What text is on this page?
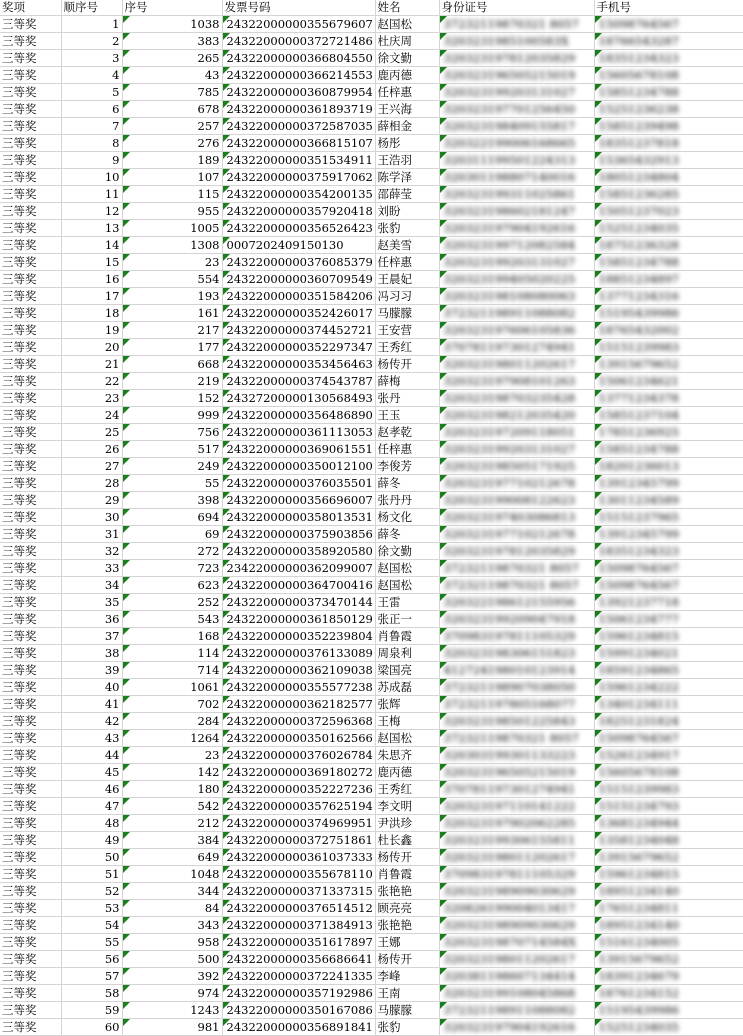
奖项	顺序号	序号	发票号码	姓名	身份证号	手机号
三等奖	1	1038	24322000000355679607	赵国松	37232119870321 8057	15098764567
三等奖	2	383	24322000000372721486	杜庆周	3203231985100583X	18766543287
三等奖	3	265	24322000000366804550	徐文勤	320323197812035829	18351234323
三等奖	4	43	24322000000366214553	鹿丙德	320323196505215019	15605678108
三等奖	5	785	24322000000360879954	任梓惠	320323199203131027	15851234788
三等奖	6	678	24322000000361893719	王兴海	320323197701256450	15251236238
三等奖	7	257	24322000000372587035	薛相金	320323198409155817	15851239498
三等奖	8	276	24322000000366815107	杨彤	320322199006168665	18351237818
三等奖	9	189	24322000000351534911	王浩羽	320311199501224313	15365432913
三等奖	10	107	24322000000375917062	陈学泽	320301198807140016	18051234804
三等奖	11	115	24322000000354200135	邵薛莹	320323199311025861	15851236285
三等奖	12	955	24322000000357920418	刘盼	320323198602181247	15051237023
三等奖	13	1005	24322000000356526423	张豹	320323197904192616	15251234035
三等奖	14	1308	0007202409150130	赵美雪	320323199712082584	18751236328
三等奖	15	23	24322000000376085379	任梓惠	320323199203131027	15851234788
三等奖	16	554	24322000000360709549	王晨妃	320323199405020225	18851234897
三等奖	17	193	24322000000351584206	冯习习	320323198108080063	13771234316
三等奖	18	161	24322000000352426017	马朦朦	372321198911088082	15195439986
三等奖	19	217	24322000000374452721	王安营	320323197606105836	18765432002
三等奖	20	177	24322000000352297347	王秀红	370781197301274941	15151239983
三等奖	21	668	24322000000353456463	杨传开	320323198011202617	13915679652
三等奖	22	219	24322000000374543787	薛梅	320323197908101263	15061234621
三等奖	23	152	24327200000130568493	张丹	320323198703235428	13771234378
三等奖	24	999	24322000000356486890	王玉	320323198212035420	15851237104
三等奖	25	756	24322000000361113053	赵孝乾	320323197209118051	17851236925
三等奖	26	517	24322000000369061551	任梓惠	320323199203131027	15851234788
三等奖	27	249	24322000000350012100	李俊芳	320323198505171925	18201236013
三等奖	28	55	24322000000376035501	薛冬	320323197710212678	13912345799
三等奖	29	398	24322000000356696007	张丹丹	320323199008122623	13011234589
三等奖	30	694	24322000000358013531	杨文化	320323197403086813	15151237965
三等奖	31	69	24322000000375903856	薛冬	320323197710212678	13912345799
三等奖	32	272	24322000000358920580	徐文勤	320323197812035829	18351234323
三等奖	33	723	23422000000362099007	赵国松	37232119870321 8057	15098764567
三等奖	34	623	24322000000364700416	赵国松	37232119870321 8057	15098764567
三等奖	35	252	24322000000373470144	王雷	320322198612155956	13921237718
三等奖	36	543	24322000000361850129	张正一	320323199209047918	15061234777
三等奖	37	168	24322000000352239804	肖鲁霞	370983197811105329	15961234815
三等奖	38	114	24322000000376133089	周泉利	320323198306151823	15991234021
三等奖	39	714	24322000000362109038	梁国亮	412724198010123914	18591234865
三等奖	40	1061	24322000000355577238	苏成磊	372321198907038050	15961234222
三等奖	41	702	24322000000362182577	张辉	372321197805168077	13401234111
三等奖	42	284	24322000000372596368	王梅	320323198501225843	18251231824
三等奖	43	1264	24322000000350162566	赵国松	37232119870321 8057	15098764567
三等奖	44	23	24322000000376026784	朱思齐	320303199301133223	15261234917
三等奖	45	142	24322000000369180272	鹿丙德	320323196505215019	15605678108
三等奖	46	180	24322000000352227236	王秀红	370781197301274941	15151239983
三等奖	47	542	24322000000357625194	李文明	320323197110141222	15151234793
三等奖	48	212	24322000000374969951	尹洪珍	320323197902062285	13681234944
三等奖	49	384	24322000000372751861	杜长鑫	320323199306155811	13581234048
三等奖	50	649	24322000000361037333	杨传开	320323198011202617	13915679652
三等奖	51	1048	24322000000355678110	肖鲁霞	370983197811105329	15961234815
三等奖	52	344	24322000000371337315	张艳艳	320323198909030629	18951234140
三等奖	53	84	24322000000376514512	顾亮亮	320826199004013417	17651234811
三等奖	54	343	24322000000371384913	张艳艳	320323198909030629	18951234140
三等奖	55	958	24322000000351617897	王娜	32032319870714584X	15161234005
三等奖	56	500	24322000000356686641	杨传开	320323198011202617	13915679652
三等奖	57	392	24322000000372241335	李峰	320381198607134414	18391234679
三等奖	58	974	24322000000357192986	王南	320323199108045868	18761234152
三等奖	59	1243	24322000000350167086	马朦朦	372321198911088082	15195439986
三等奖	60	981	24322000000356891841	张豹	320323197904192616	15251234035
